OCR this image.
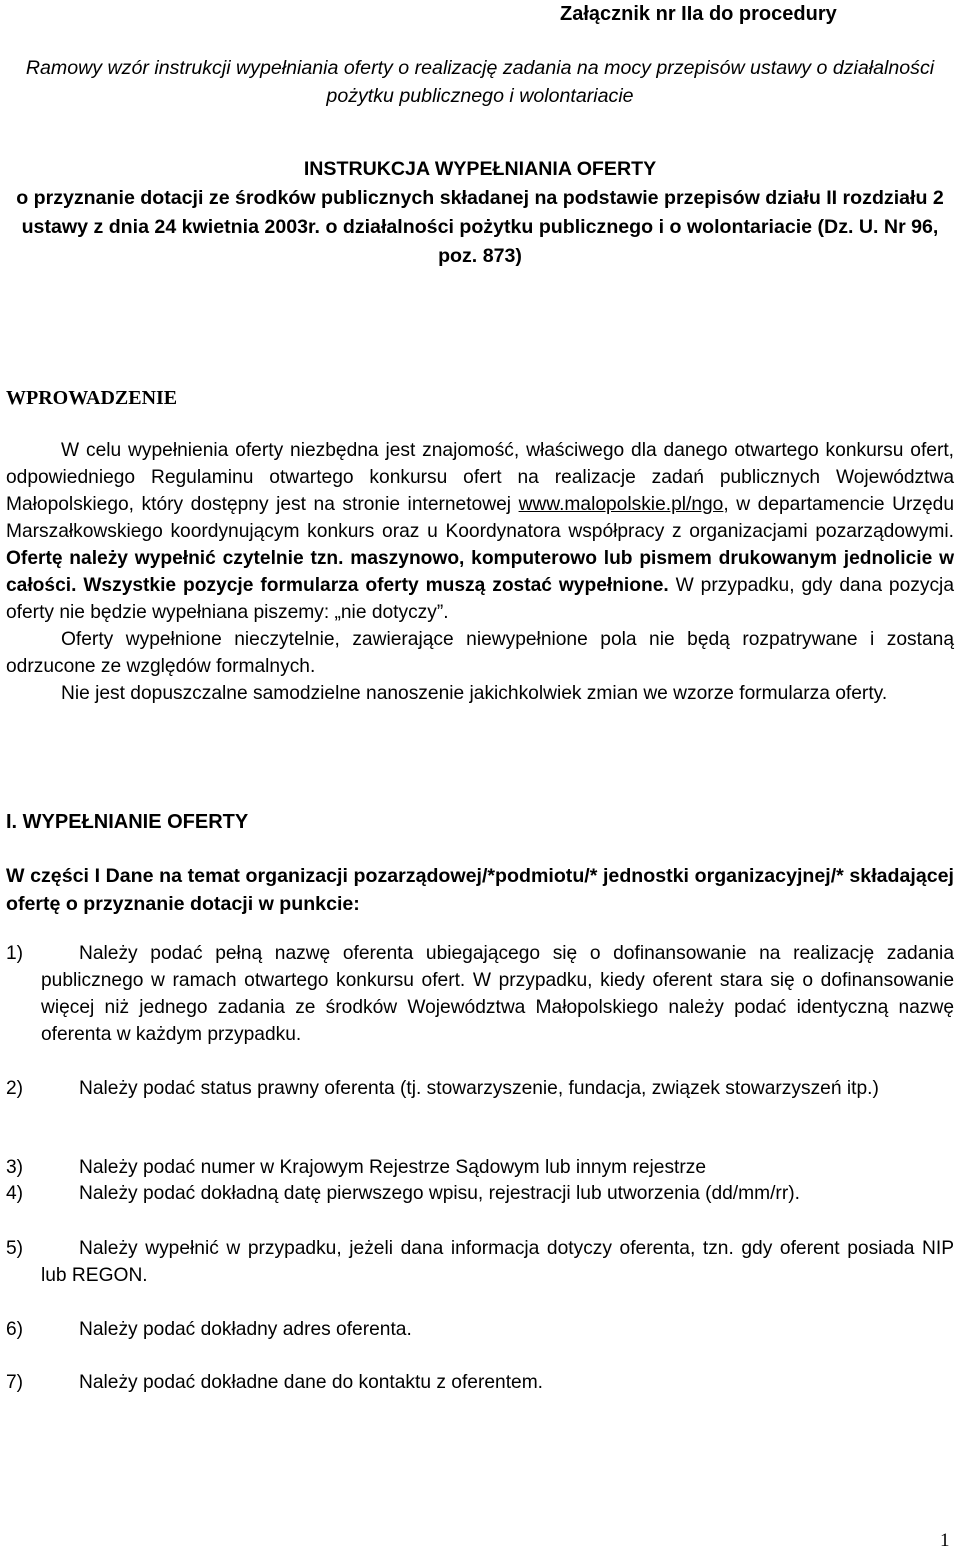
Załącznik nr IIa do procedury
Ramowy wzór instrukcji wypełniania oferty o realizację zadania na mocy przepisów ustawy o działalności pożytku publicznego i wolontariacie
INSTRUKCJA WYPEŁNIANIA OFERTY
o przyznanie dotacji ze środków publicznych składanej na podstawie przepisów działu II rozdziału 2 ustawy z dnia 24 kwietnia 2003r. o działalności pożytku publicznego i o wolontariacie (Dz. U. Nr 96, poz. 873)
WPROWADZENIE

W celu wypełnienia oferty niezbędna jest znajomość, właściwego dla danego otwartego konkursu ofert, odpowiedniego Regulaminu otwartego konkursu ofert na realizacje zadań publicznych Województwa Małopolskiego, który dostępny jest na stronie internetowej www.malopolskie.pl/ngo, w departamencie Urzędu Marszałkowskiego koordynującym konkurs oraz u Koordynatora współpracy z organizacjami pozarządowymi. Ofertę należy wypełnić czytelnie tzn. maszynowo, komputerowo lub pismem drukowanym jednolicie w całości. Wszystkie pozycje formularza oferty muszą zostać wypełnione. W przypadku, gdy dana pozycja oferty nie będzie wypełniana piszemy: „nie dotyczy”.

Oferty wypełnione nieczytelnie, zawierające niewypełnione pola nie będą rozpatrywane i zostaną odrzucone ze względów formalnych.

Nie jest dopuszczalne samodzielne nanoszenie jakichkolwiek zmian we wzorze formularza oferty.

I. WYPEŁNIANIE OFERTY
W części I Dane na temat organizacji pozarządowej/*podmiotu/* jednostki organizacyjnej/* składającej ofertę o przyznanie dotacji w punkcie:
1)	Należy podać pełną nazwę oferenta ubiegającego się o dofinansowanie na realizację zadania publicznego w ramach otwartego konkursu ofert. W przypadku, kiedy oferent stara się o dofinansowanie więcej niż jednego zadania ze środków Województwa Małopolskiego należy podać identyczną nazwę oferenta w każdym przypadku.
2)	Należy podać status prawny oferenta (tj. stowarzyszenie, fundacja, związek stowarzyszeń itp.)
3)	Należy podać numer w Krajowym Rejestrze Sądowym lub innym rejestrze
4)	Należy podać dokładną datę pierwszego wpisu, rejestracji lub utworzenia (dd/mm/rr).
5)	Należy wypełnić w przypadku, jeżeli dana informacja dotyczy oferenta, tzn. gdy oferent posiada NIP lub REGON.
6)	Należy podać dokładny adres oferenta.
7)	Należy podać dokładne dane do kontaktu z oferentem.
1
